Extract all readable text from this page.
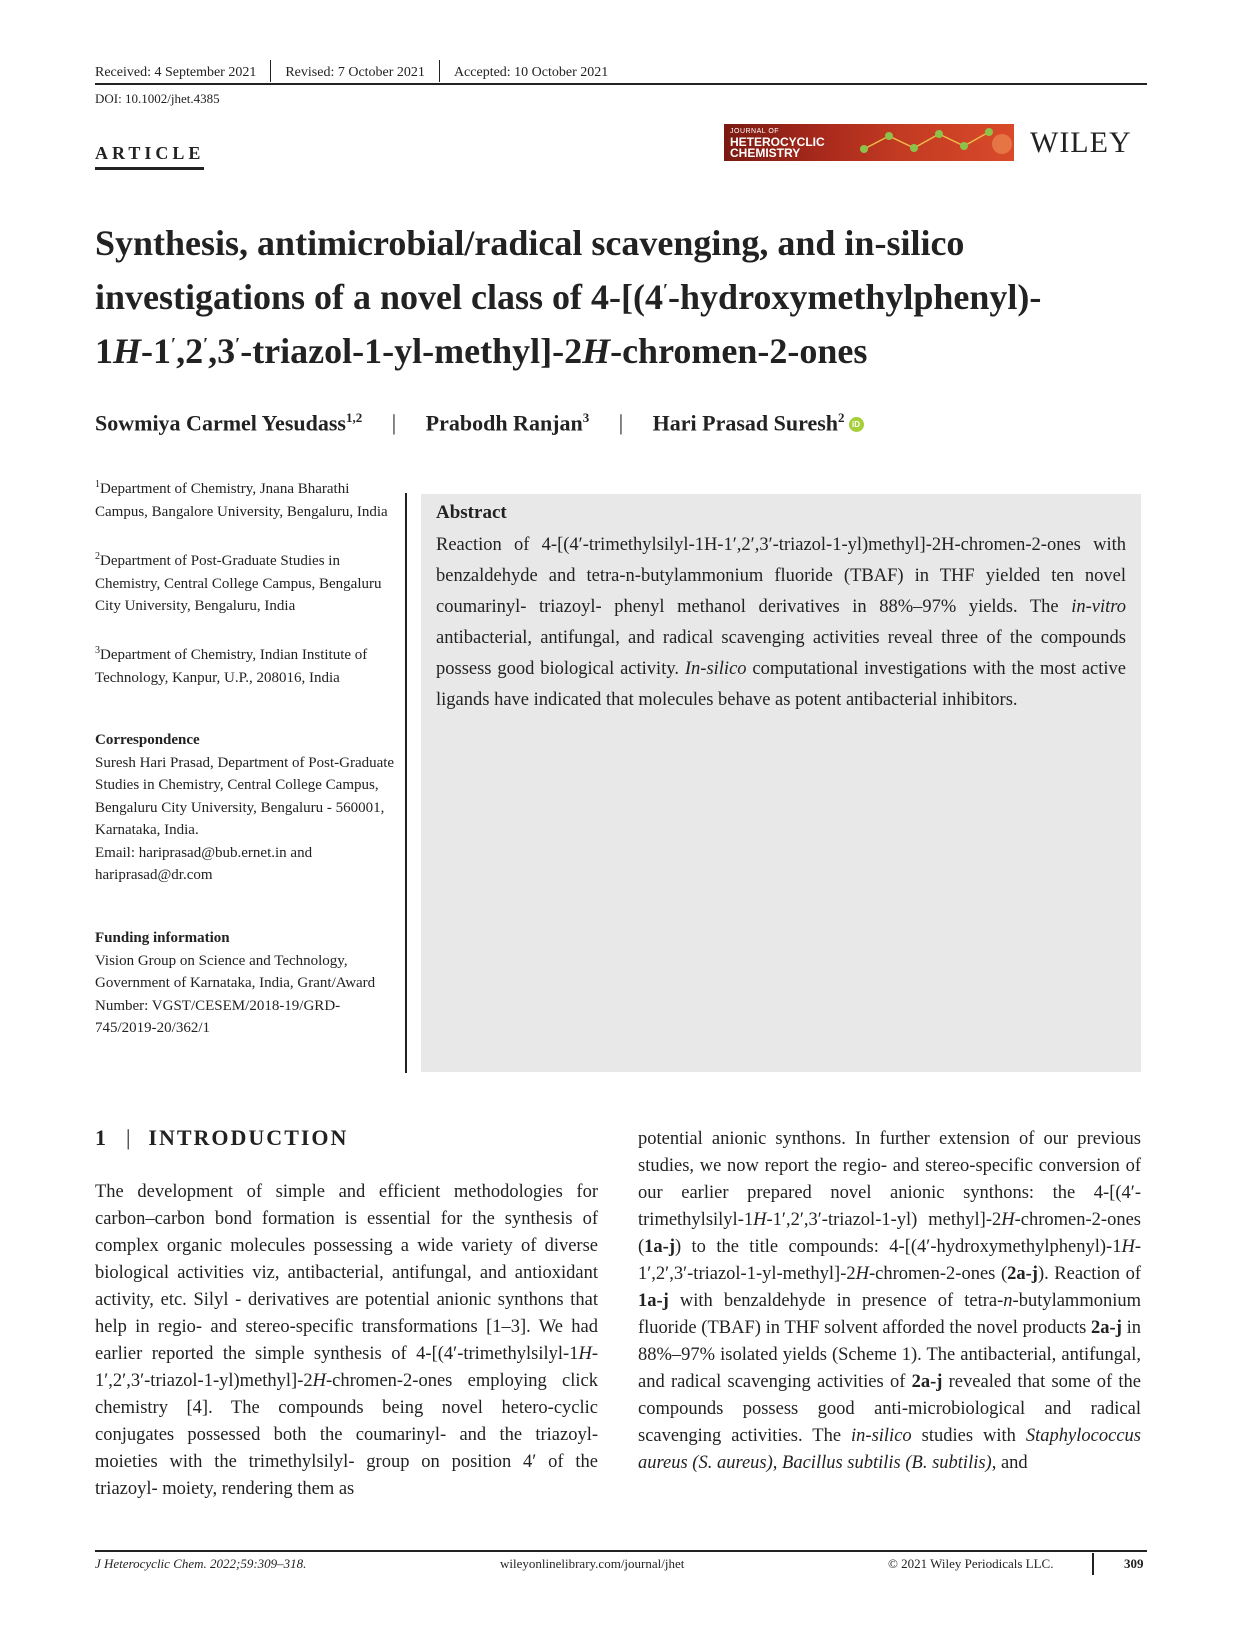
Received: 4 September 2021 Revised: 7 October 2021 Accepted: 10 October 2021
DOI: 10.1002/jhet.4385
ARTICLE
JOURNAL OF
HETEROCYCLIC
CHEMISTRY	WILEY
Synthesis, antimicrobial/radical scavenging, and in-silico
investigations of a novel class of 4-[(4′-hydroxymethylphenyl)-
1H-1′,2′,3′-triazol-1-yl-methyl]-2H-chromen-2-ones
Sowmiya Carmel Yesudass$^{1,2}$ | Prabodh Ranjan$^3$ | Hari Prasad Suresh$^2$ iD
$^1$Department of Chemistry, Jnana Bharathi Campus, Bangalore University, Bengaluru, India
$^2$Department of Post-Graduate Studies in Chemistry, Central College Campus, Bengaluru City University, Bengaluru, India
$^3$Department of Chemistry, Indian Institute of Technology, Kanpur, U.P., 208016, India
Correspondence
Suresh Hari Prasad, Department of Post-Graduate Studies in Chemistry, Central College Campus, Bengaluru City University, Bengaluru - 560001, Karnataka, India.
Email: hariprasad@bub.ernet.in and hariprasad@dr.com
Funding information
Vision Group on Science and Technology, Government of Karnataka, India, Grant/Award Number: VGST/CESEM/2018-19/GRD-745/2019-20/362/1
Abstract
Reaction of 4-[(4′-trimethylsilyl-1H-1′,2′,3′-triazol-1-yl)methyl]-2H-chromen-2-ones with benzaldehyde and tetra-n-butylammonium fluoride (TBAF) in THF yielded ten novel coumarinyl- triazoyl- phenyl methanol derivatives in 88%–97% yields. The in-vitro antibacterial, antifungal, and radical scavenging activities reveal three of the compounds possess good biological activity. In-silico computational investigations with the most active ligands have indicated that molecules behave as potent antibacterial inhibitors.
1 | INTRODUCTION
The development of simple and efficient methodologies for carbon–carbon bond formation is essential for the synthesis of complex organic molecules possessing a wide variety of diverse biological activities viz, antibacterial, antifungal, and antioxidant activity, etc. Silyl - derivatives are potential anionic synthons that help in regio- and stereo-specific transformations [1–3]. We had earlier reported the simple synthesis of 4-[(4′-trimethylsilyl-1H-1′,2′,3′-triazol-1-yl)methyl]-2H-chromen-2-ones employing click chemistry [4]. The compounds being novel hetero-cyclic conjugates possessed both the coumarinyl- and the triazoyl- moieties with the trimethylsilyl- group on position 4′ of the triazoyl- moiety, rendering them as
potential anionic synthons. In further extension of our previous studies, we now report the regio- and stereo-specific conversion of our earlier prepared novel anionic synthons: the 4-[(4′-trimethylsilyl-1H-1′,2′,3′-triazol-1-yl) methyl]-2H-chromen-2-ones (1a-j) to the title compounds: 4-[(4′-hydroxymethylphenyl)-1H-1′,2′,3′-triazol-1-yl-methyl]-2H-chromen-2-ones (2a-j). Reaction of 1a-j with benzaldehyde in presence of tetra-n-butylammonium fluoride (TBAF) in THF solvent afforded the novel products 2a-j in 88%–97% isolated yields (Scheme 1). The antibacterial, antifungal, and radical scavenging activities of 2a-j revealed that some of the compounds possess good anti-microbiological and radical scavenging activities. The in-silico studies with Staphylococcus aureus (S. aureus), Bacillus subtilis (B. subtilis), and
J Heterocyclic Chem. 2022;59:309–318.	wileyonlinelibrary.com/journal/jhet	© 2021 Wiley Periodicals LLC.	309
